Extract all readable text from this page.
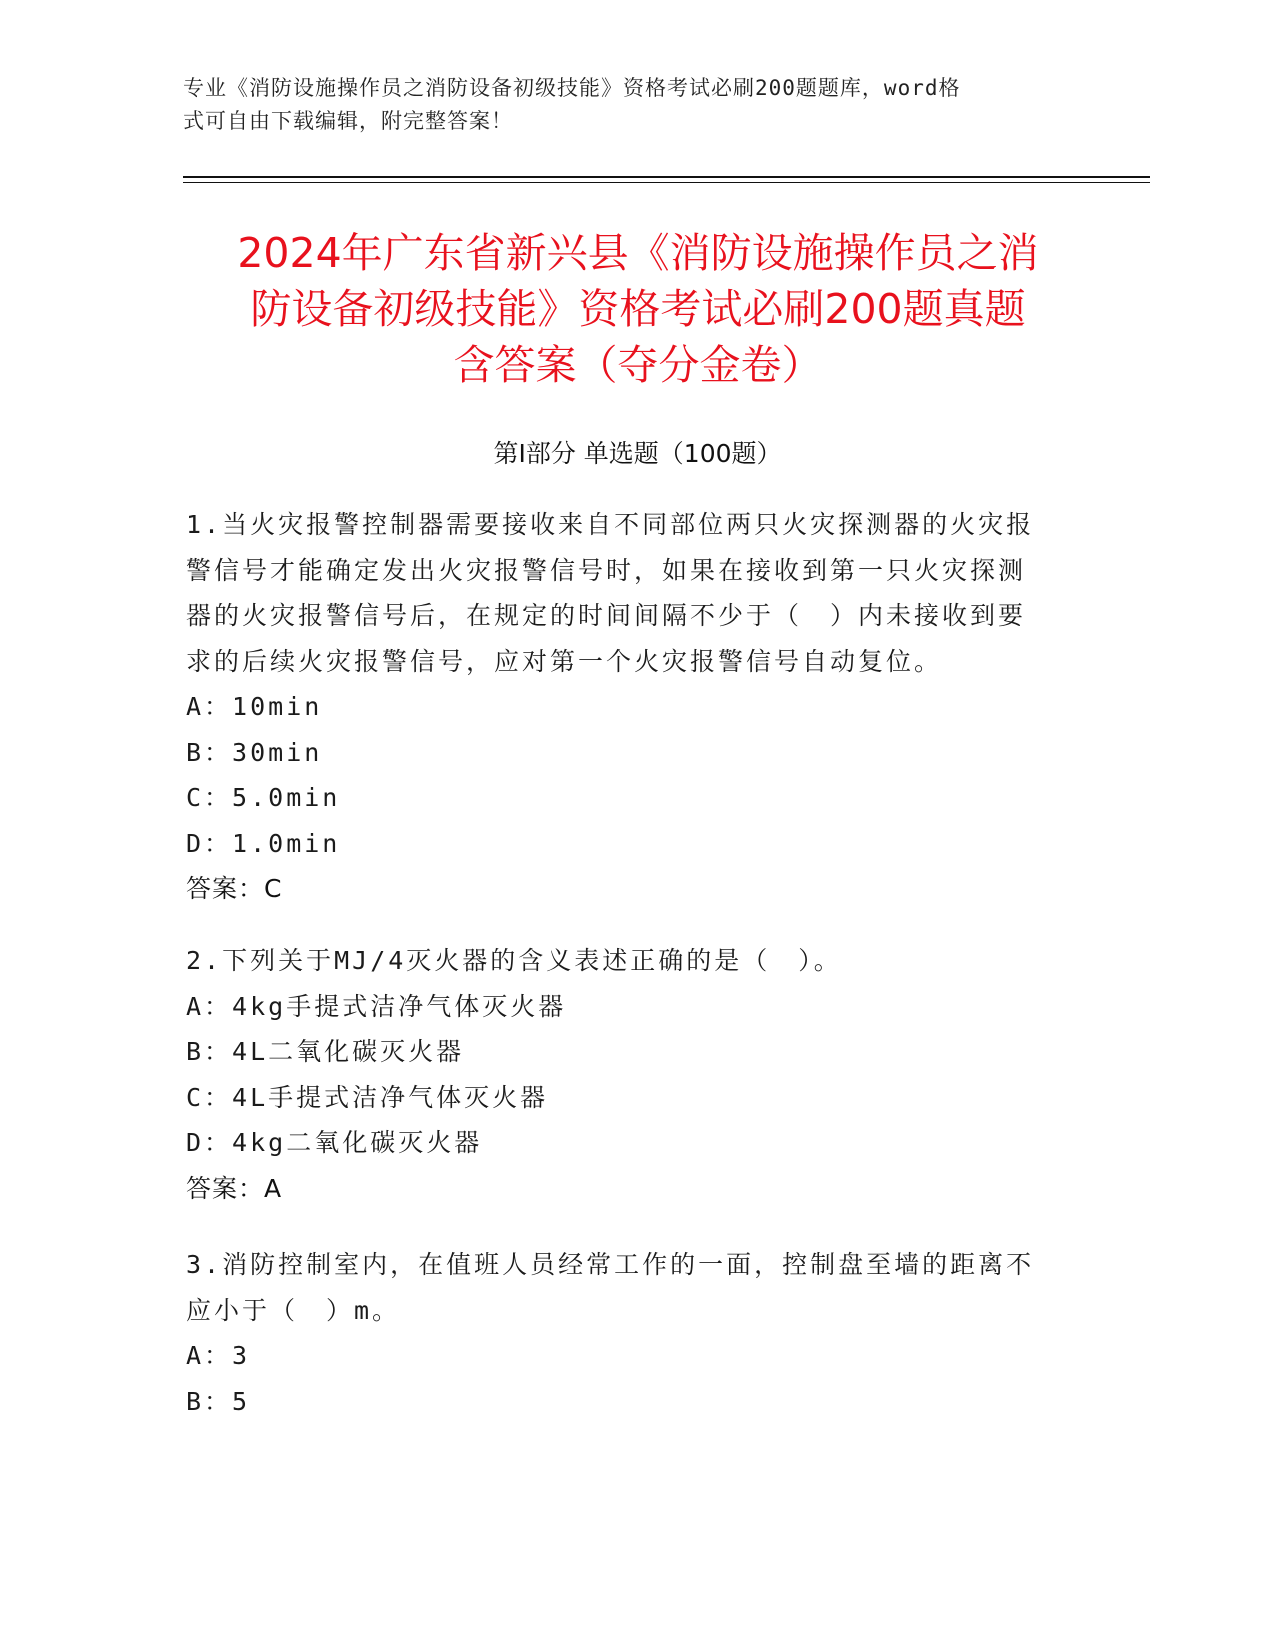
专业《消防设施操作员之消防设备初级技能》资格考试必刷200题题库，word格
式可自由下载编辑，附完整答案！
2024年广东省新兴县《消防设施操作员之消
防设备初级技能》资格考试必刷200题真题
含答案（夺分金卷）
第Ⅰ部分 单选题（100题）
1.当火灾报警控制器需要接收来自不同部位两只火灾探测器的火灾报
警信号才能确定发出火灾报警信号时，如果在接收到第一只火灾探测
器的火灾报警信号后，在规定的时间间隔不少于（　）内未接收到要
求的后续火灾报警信号，应对第一个火灾报警信号自动复位。
A：10min
B：30min
C：5.0min
D：1.0min
答案：C
2.下列关于MJ/4灭火器的含义表述正确的是（　）。
A：4kg手提式洁净气体灭火器
B：4L二氧化碳灭火器
C：4L手提式洁净气体灭火器
D：4kg二氧化碳灭火器
答案：A
3.消防控制室内，在值班人员经常工作的一面，控制盘至墙的距离不
应小于（　）m。
A：3
B：5
